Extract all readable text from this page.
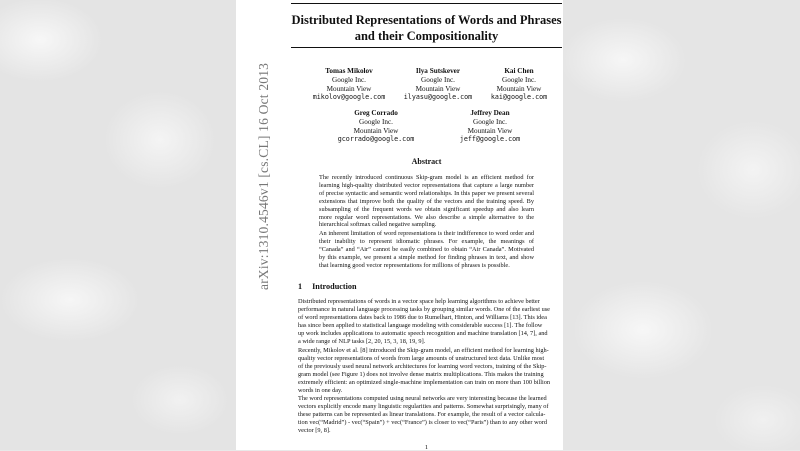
arXiv:1310.4546v1 [cs.CL] 16 Oct 2013
Distributed Representations of Words and Phrases
and their Compositionality
Tomas Mikolov
Google Inc.
Mountain View
mikolov@google.com
Ilya Sutskever
Google Inc.
Mountain View
ilyasu@google.com
Kai Chen
Google Inc.
Mountain View
kai@google.com
Greg Corrado
Google Inc.
Mountain View
gcorrado@google.com
Jeffrey Dean
Google Inc.
Mountain View
jeff@google.com
Abstract
The recently introduced continuous Skip-gram model is an efficient method for learning high-quality distributed vector representations that capture a large number of precise syntactic and semantic word relationships. In this paper we present several extensions that improve both the quality of the vectors and the training speed. By subsampling of the frequent words we obtain significant speedup and also learn more regular word representations. We also describe a simple alternative to the hierarchical softmax called negative sampling.
An inherent limitation of word representations is their indifference to word order and their inability to represent idiomatic phrases. For example, the meanings of “Canada” and “Air” cannot be easily combined to obtain “Air Canada”. Motivated by this example, we present a simple method for finding phrases in text, and show that learning good vector representations for millions of phrases is possible.
1 Introduction
Distributed representations of words in a vector space help learning algorithms to achieve better
performance in natural language processing tasks by grouping similar words. One of the earliest use
of word representations dates back to 1986 due to Rumelhart, Hinton, and Williams [13]. This idea
has since been applied to statistical language modeling with considerable success [1]. The follow
up work includes applications to automatic speech recognition and machine translation [14, 7], and
a wide range of NLP tasks [2, 20, 15, 3, 18, 19, 9].
Recently, Mikolov et al. [8] introduced the Skip-gram model, an efficient method for learning high-
quality vector representations of words from large amounts of unstructured text data. Unlike most
of the previously used neural network architectures for learning word vectors, training of the Skip-
gram model (see Figure 1) does not involve dense matrix multiplications. This makes the training
extremely efficient: an optimized single-machine implementation can train on more than 100 billion
words in one day.
The word representations computed using neural networks are very interesting because the learned
vectors explicitly encode many linguistic regularities and patterns. Somewhat surprisingly, many of
these patterns can be represented as linear translations. For example, the result of a vector calcula-
tion vec(“Madrid”) - vec(“Spain”) + vec(“France”) is closer to vec(“Paris”) than to any other word
vector [9, 8].
1
